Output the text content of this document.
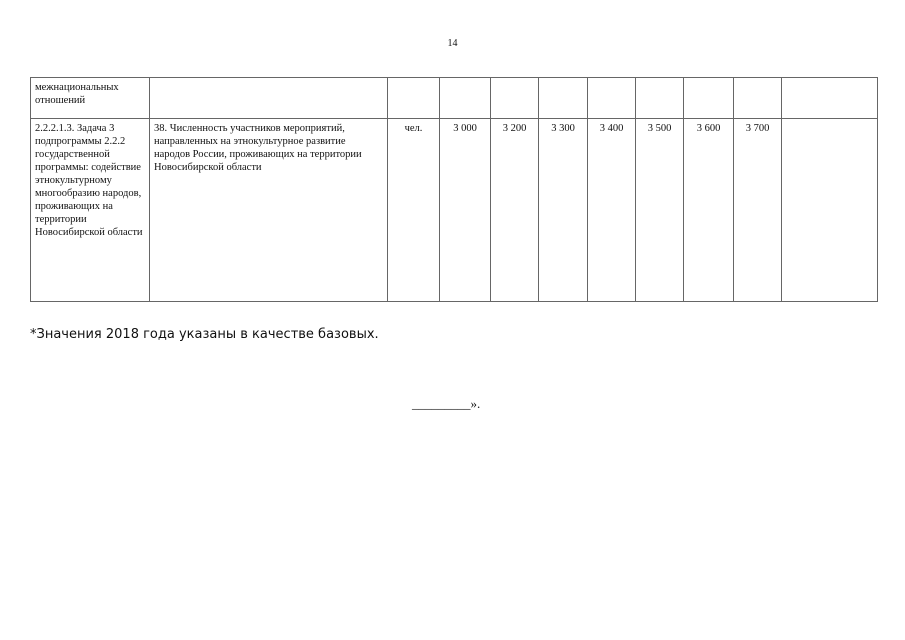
14
межнациональных отношений										
2.2.2.1.3. Задача 3 подпрограммы 2.2.2 государственной программы: содействие этнокультурному многообразию народов, проживающих на территории Новосибирской области	38. Численность участников мероприятий, направленных на этнокультурное развитие народов России, проживающих на территории Новосибирской области	чел.	3 000	3 200	3 300	3 400	3 500	3 600	3 700	
*Значения 2018 года указаны в качестве базовых.
_________».
